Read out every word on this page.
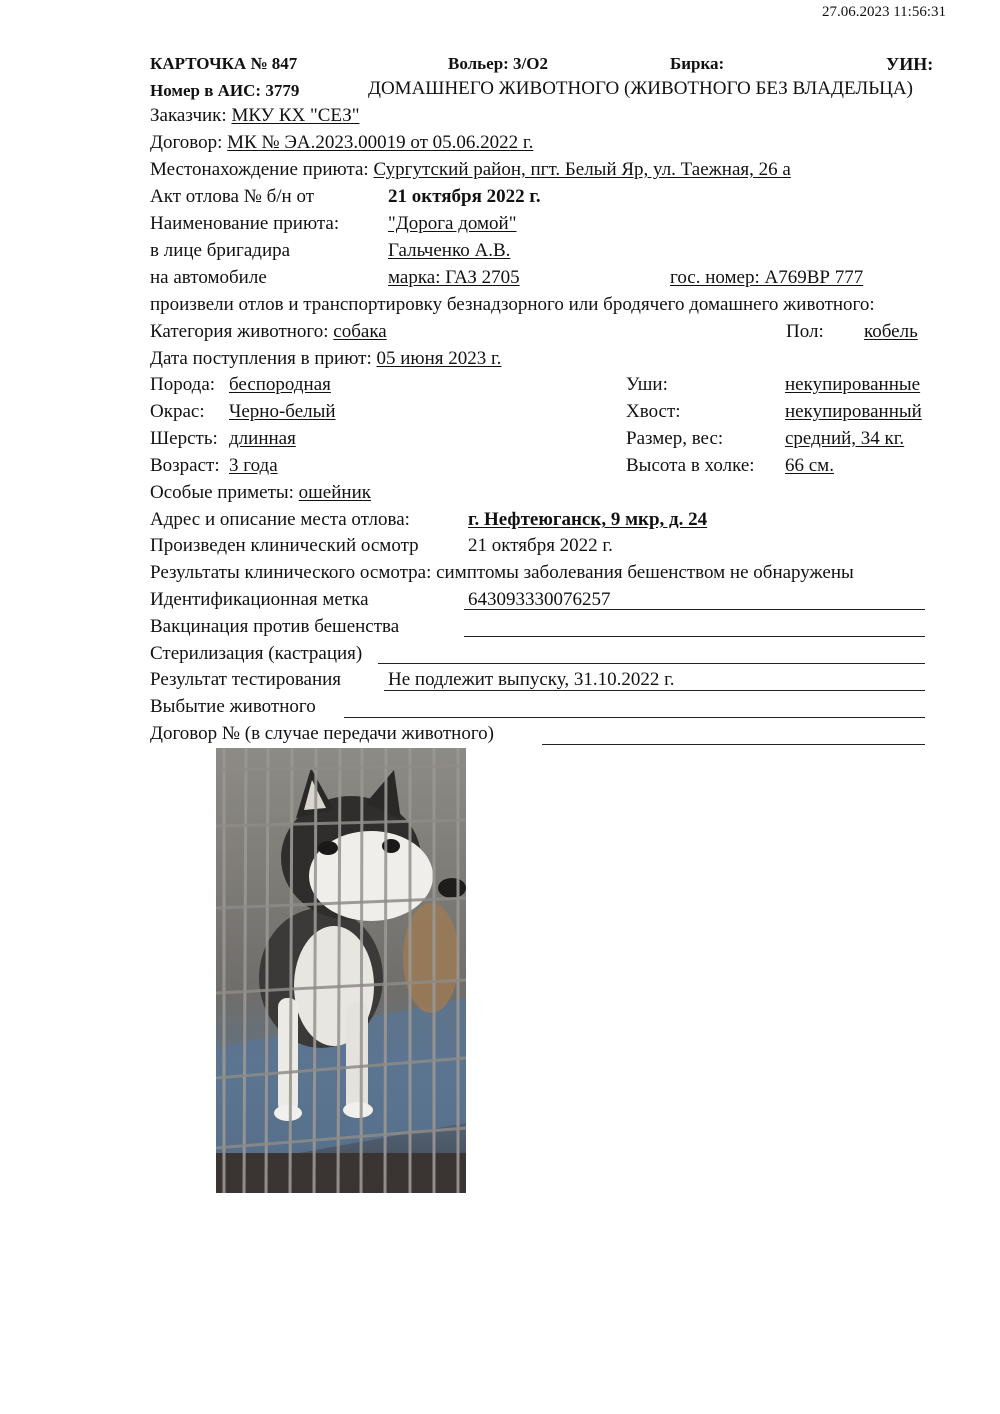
27.06.2023 11:56:31
КАРТОЧКА № 847	Вольер: 3/О2	Бирка:	УИН:
Номер в АИС: 3779	ДОМАШНЕГО ЖИВОТНОГО (ЖИВОТНОГО БЕЗ ВЛАДЕЛЬЦА)
Заказчик: МКУ КХ "СЕЗ"
Договор: МК № ЭА.2023.00019 от 05.06.2022 г.
Местонахождение приюта: Сургутский район, пгт. Белый Яр, ул. Таежная, 26 а
Акт отлова № б/н от	21 октября 2022 г.
Наименование приюта:	"Дорога домой"
в лице бригадира	Гальченко А.В.
на автомобиле	марка: ГАЗ 2705	гос. номер: А769ВР 777
произвели отлов и транспортировку безнадзорного или бродячего домашнего животного:
Категория животного: собака	Пол: кобель
Дата поступления в приют: 05 июня 2023 г.
Порода: беспородная	Уши:	некупированные
Окрас: Черно-белый	Хвост:	некупированный
Шерсть: длинная	Размер, вес:	средний, 34 кг.
Возраст: 3 года	Высота в холке: 66 см.
Особые приметы: ошейник
Адрес и описание места отлова:	г. Нефтеюганск, 9 мкр, д. 24
Произведен клинический осмотр	21 октября 2022 г.
Результаты клинического осмотра: симптомы заболевания бешенством не обнаружены
Идентификационная метка	643093330076257
Вакцинация против бешенства
Стерилизация (кастрация)
Результат тестирования Не подлежит выпуску, 31.10.2022 г.
Выбытие животного
Договор № (в случае передачи животного)
